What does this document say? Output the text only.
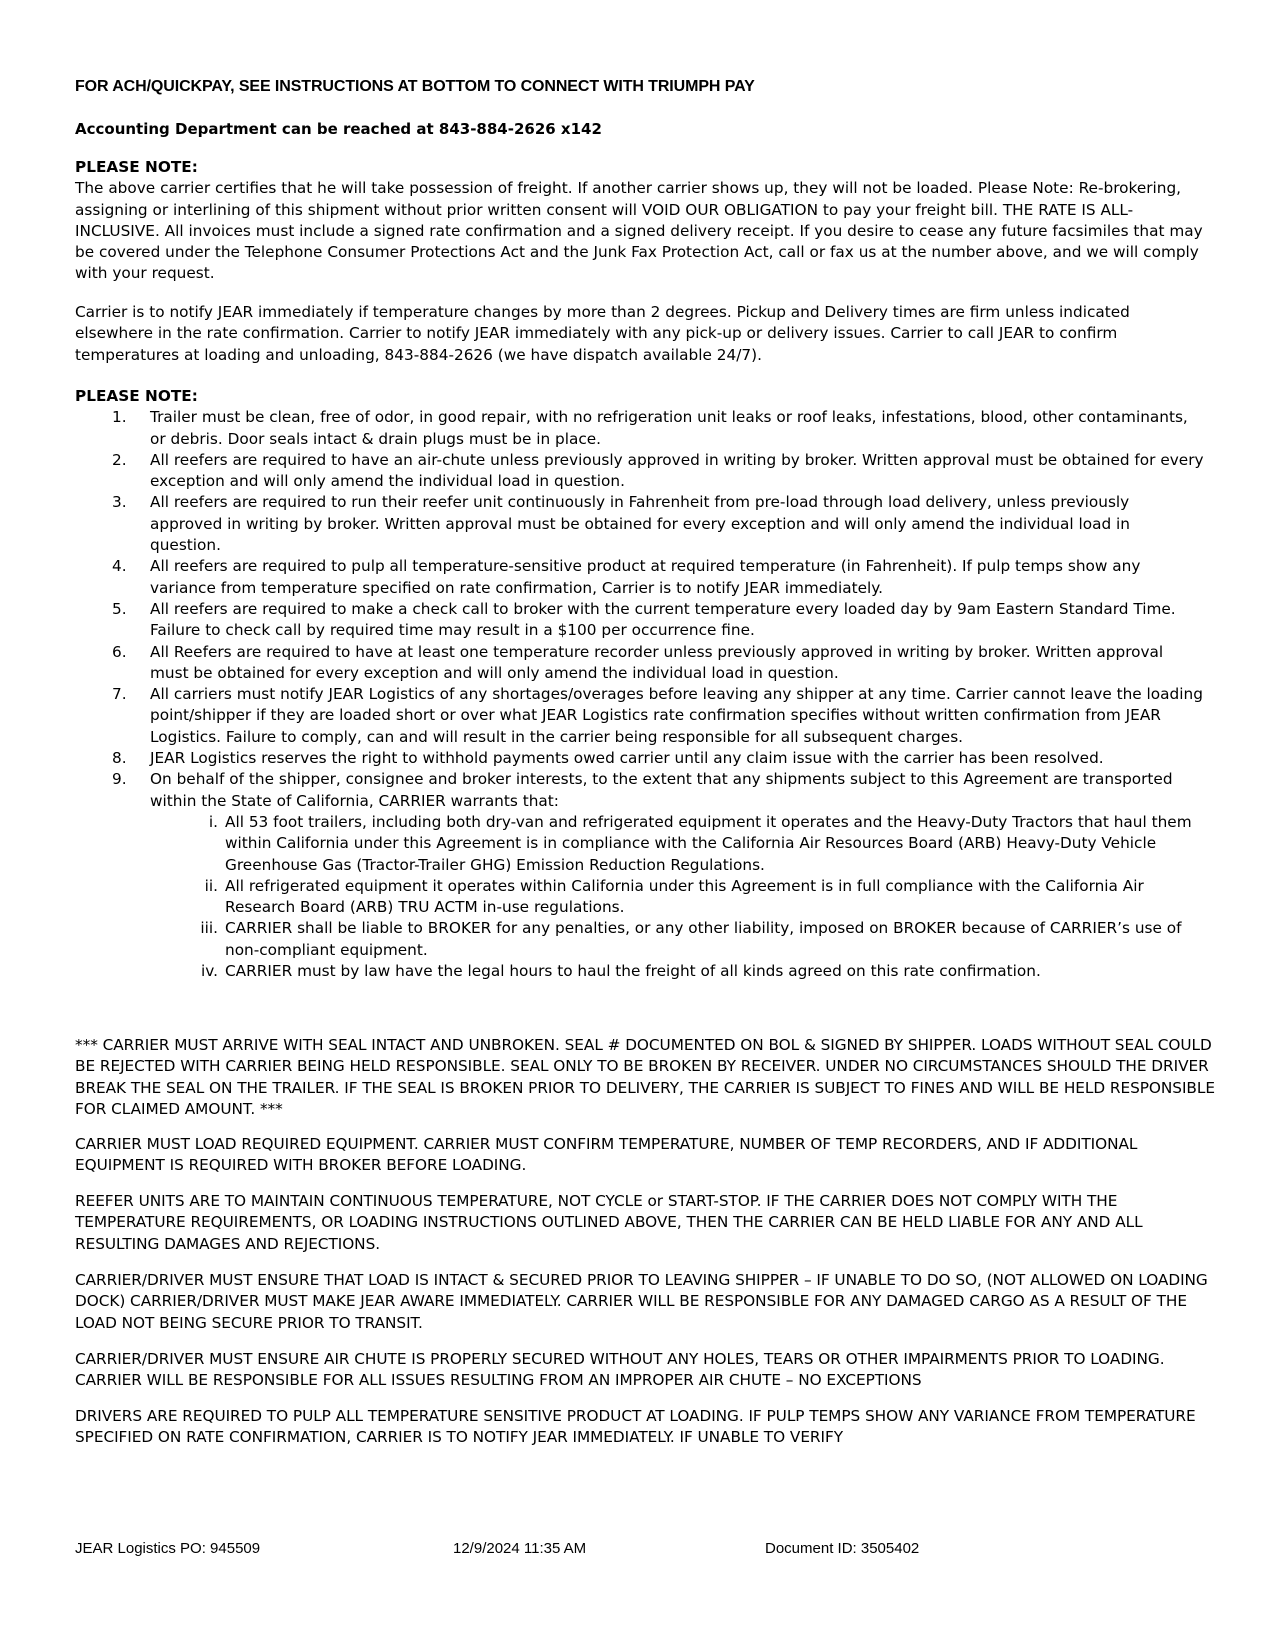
FOR ACH/QUICKPAY, SEE INSTRUCTIONS AT BOTTOM TO CONNECT WITH TRIUMPH PAY
Accounting Department can be reached at 843-884-2626 x142
PLEASE NOTE:

The above carrier certifies that he will take possession of freight. If another carrier shows up, they will not be loaded. Please Note: Re-brokering, assigning or interlining of this shipment without prior written consent will VOID OUR OBLIGATION to pay your freight bill. THE RATE IS ALL-INCLUSIVE. All invoices must include a signed rate confirmation and a signed delivery receipt. If you desire to cease any future facsimiles that may be covered under the Telephone Consumer Protections Act and the Junk Fax Protection Act, call or fax us at the number above, and we will comply with your request.

Carrier is to notify JEAR immediately if temperature changes by more than 2 degrees. Pickup and Delivery times are firm unless indicated elsewhere in the rate confirmation. Carrier to notify JEAR immediately with any pick-up or delivery issues. Carrier to call JEAR to confirm temperatures at loading and unloading, 843-884-2626 (we have dispatch available 24/7).

PLEASE NOTE:
1. Trailer must be clean, free of odor, in good repair, with no refrigeration unit leaks or roof leaks, infestations, blood, other contaminants, or debris. Door seals intact & drain plugs must be in place.
2. All reefers are required to have an air-chute unless previously approved in writing by broker. Written approval must be obtained for every exception and will only amend the individual load in question.
3. All reefers are required to run their reefer unit continuously in Fahrenheit from pre-load through load delivery, unless previously approved in writing by broker. Written approval must be obtained for every exception and will only amend the individual load in question.
4. All reefers are required to pulp all temperature-sensitive product at required temperature (in Fahrenheit). If pulp temps show any variance from temperature specified on rate confirmation, Carrier is to notify JEAR immediately.
5. All reefers are required to make a check call to broker with the current temperature every loaded day by 9am Eastern Standard Time. Failure to check call by required time may result in a $100 per occurrence fine.
6. All Reefers are required to have at least one temperature recorder unless previously approved in writing by broker. Written approval must be obtained for every exception and will only amend the individual load in question.
7. All carriers must notify JEAR Logistics of any shortages/overages before leaving any shipper at any time. Carrier cannot leave the loading point/shipper if they are loaded short or over what JEAR Logistics rate confirmation specifies without written confirmation from JEAR Logistics. Failure to comply, can and will result in the carrier being responsible for all subsequent charges.
8. JEAR Logistics reserves the right to withhold payments owed carrier until any claim issue with the carrier has been resolved.
9. On behalf of the shipper, consignee and broker interests, to the extent that any shipments subject to this Agreement are transported within the State of California, CARRIER warrants that:
i. All 53 foot trailers, including both dry-van and refrigerated equipment it operates and the Heavy-Duty Tractors that haul them within California under this Agreement is in compliance with the California Air Resources Board (ARB) Heavy-Duty Vehicle Greenhouse Gas (Tractor-Trailer GHG) Emission Reduction Regulations.
ii. All refrigerated equipment it operates within California under this Agreement is in full compliance with the California Air Research Board (ARB) TRU ACTM in-use regulations.
iii. CARRIER shall be liable to BROKER for any penalties, or any other liability, imposed on BROKER because of CARRIER’s use of non-compliant equipment.
iv. CARRIER must by law have the legal hours to haul the freight of all kinds agreed on this rate confirmation.

*** CARRIER MUST ARRIVE WITH SEAL INTACT AND UNBROKEN. SEAL # DOCUMENTED ON BOL & SIGNED BY SHIPPER. LOADS WITHOUT SEAL COULD BE REJECTED WITH CARRIER BEING HELD RESPONSIBLE. SEAL ONLY TO BE BROKEN BY RECEIVER. UNDER NO CIRCUMSTANCES SHOULD THE DRIVER BREAK THE SEAL ON THE TRAILER. IF THE SEAL IS BROKEN PRIOR TO DELIVERY, THE CARRIER IS SUBJECT TO FINES AND WILL BE HELD RESPONSIBLE FOR CLAIMED AMOUNT. ***

CARRIER MUST LOAD REQUIRED EQUIPMENT. CARRIER MUST CONFIRM TEMPERATURE, NUMBER OF TEMP RECORDERS, AND IF ADDITIONAL EQUIPMENT IS REQUIRED WITH BROKER BEFORE LOADING.

REEFER UNITS ARE TO MAINTAIN CONTINUOUS TEMPERATURE, NOT CYCLE or START-STOP. IF THE CARRIER DOES NOT COMPLY WITH THE TEMPERATURE REQUIREMENTS, OR LOADING INSTRUCTIONS OUTLINED ABOVE, THEN THE CARRIER CAN BE HELD LIABLE FOR ANY AND ALL RESULTING DAMAGES AND REJECTIONS.

CARRIER/DRIVER MUST ENSURE THAT LOAD IS INTACT & SECURED PRIOR TO LEAVING SHIPPER – IF UNABLE TO DO SO, (NOT ALLOWED ON LOADING DOCK) CARRIER/DRIVER MUST MAKE JEAR AWARE IMMEDIATELY. CARRIER WILL BE RESPONSIBLE FOR ANY DAMAGED CARGO AS A RESULT OF THE LOAD NOT BEING SECURE PRIOR TO TRANSIT.

CARRIER/DRIVER MUST ENSURE AIR CHUTE IS PROPERLY SECURED WITHOUT ANY HOLES, TEARS OR OTHER IMPAIRMENTS PRIOR TO LOADING. CARRIER WILL BE RESPONSIBLE FOR ALL ISSUES RESULTING FROM AN IMPROPER AIR CHUTE – NO EXCEPTIONS

DRIVERS ARE REQUIRED TO PULP ALL TEMPERATURE SENSITIVE PRODUCT AT LOADING. IF PULP TEMPS SHOW ANY VARIANCE FROM TEMPERATURE SPECIFIED ON RATE CONFIRMATION, CARRIER IS TO NOTIFY JEAR IMMEDIATELY. IF UNABLE TO VERIFY

JEAR Logistics PO: 945509	12/9/2024 11:35 AM	Document ID: 3505402
